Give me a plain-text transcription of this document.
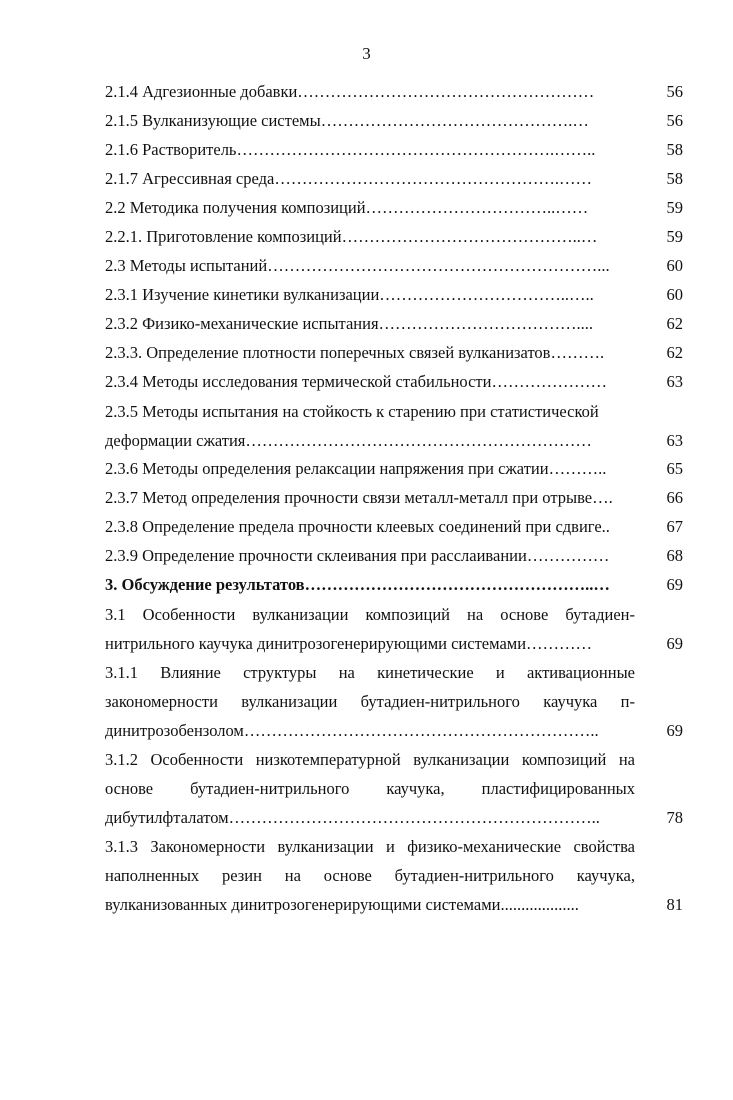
3
2.1.4 Адгезионные добавки………………………………………………	56
2.1.5 Вулканизующие системы……………………………………….…	56
2.1.6 Растворитель………………………………………………….……..	58
2.1.7 Агрессивная среда…………………………………………….……	58
2.2 Методика получения композиций……………………………..……	59
2.2.1. Приготовление композиций……………………………………..…	59
2.3 Методы испытаний……………………………………………………...	60
2.3.1 Изучение кинетики вулканизации……………………………..…..	60
2.3.2 Физико-механические испытания………………………………....	62
2.3.3. Определение плотности поперечных связей вулканизатов……….	62
2.3.4 Методы исследования термической стабильности…………………	63
2.3.5 Методы испытания на стойкость к старению при статистической
деформации сжатия………………………………………………………	63
2.3.6 Методы определения релаксации напряжения при сжатии………..	65
2.3.7 Метод определения прочности связи металл-металл при отрыве….	66
2.3.8 Определение предела прочности клеевых соединений при сдвиге..	67
2.3.9 Определение прочности склеивания при расслаивании……………	68
3. Обсуждение результатов……………………………………………..…	69
3.1 Особенности вулканизации композиций на основе бутадиен-
нитрильного каучука динитрозогенерирующими системами…………	69
3.1.1 Влияние структуры на кинетические и активационные
закономерности вулканизации бутадиен-нитрильного каучука п-
динитрозобензолом………………………………………………………..	69
3.1.2 Особенности низкотемпературной вулканизации композиций на
основе бутадиен-нитрильного каучука, пластифицированных
дибутилфталатом…………………………………………………………..	78
3.1.3 Закономерности вулканизации и физико-механические свойства
наполненных резин на основе бутадиен-нитрильного каучука,
вулканизованных динитрозогенерирующими системами...................	81
